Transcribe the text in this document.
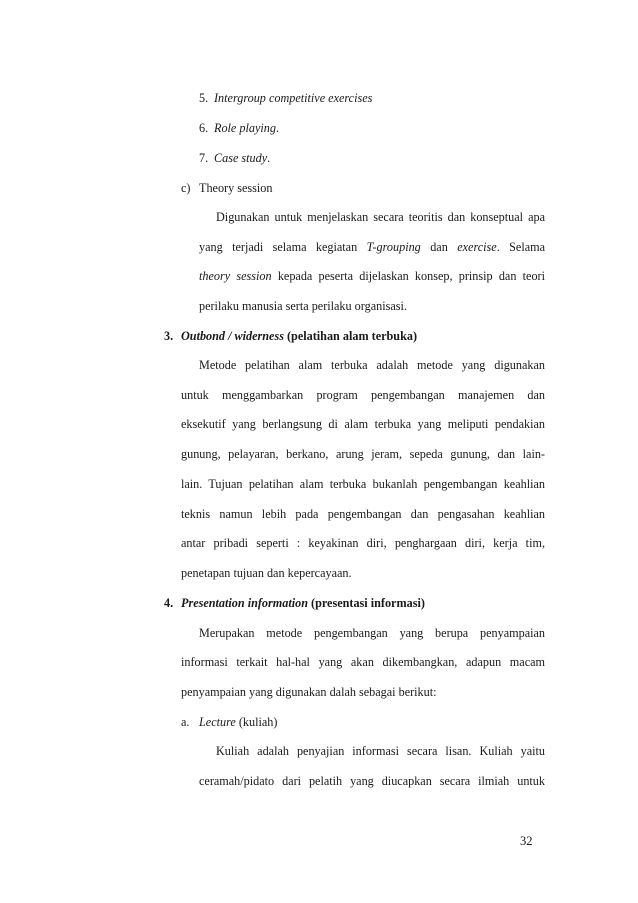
5. Intergroup competitive exercises
6. Role playing.
7. Case study.
c) Theory session
Digunakan untuk menjelaskan secara teoritis dan konseptual apa
yang terjadi selama kegiatan T-grouping dan exercise. Selama
theory session kepada peserta dijelaskan konsep, prinsip dan teori
perilaku manusia serta perilaku organisasi.
3. Outbond / widerness (pelatihan alam terbuka)
Metode pelatihan alam terbuka adalah metode yang digunakan
untuk menggambarkan program pengembangan manajemen dan
eksekutif yang berlangsung di alam terbuka yang meliputi pendakian
gunung, pelayaran, berkano, arung jeram, sepeda gunung, dan lain-
lain. Tujuan pelatihan alam terbuka bukanlah pengembangan keahlian
teknis namun lebih pada pengembangan dan pengasahan keahlian
antar pribadi seperti : keyakinan diri, penghargaan diri, kerja tim,
penetapan tujuan dan kepercayaan.
4. Presentation information (presentasi informasi)
Merupakan metode pengembangan yang berupa penyampaian
informasi terkait hal-hal yang akan dikembangkan, adapun macam
penyampaian yang digunakan dalah sebagai berikut:
a. Lecture (kuliah)
Kuliah adalah penyajian informasi secara lisan. Kuliah yaitu
ceramah/pidato dari pelatih yang diucapkan secara ilmiah untuk
32
